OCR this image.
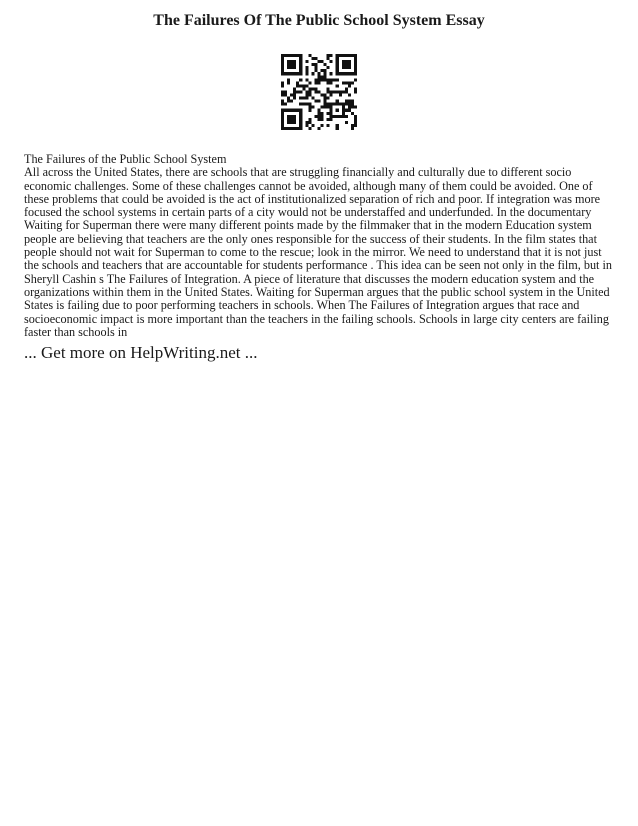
The Failures Of The Public School System Essay

The Failures of the Public School System

All across the United States, there are schools that are struggling financially and culturally due to different socio economic challenges. Some of these challenges cannot be avoided, although many of them could be avoided. One of these problems that could be avoided is the act of institutionalized separation of rich and poor. If integration was more focused the school systems in certain parts of a city would not be understaffed and underfunded. In the documentary Waiting for Superman there were many different points made by the filmmaker that in the modern Education system people are believing that teachers are the only ones responsible for the success of their students. In the film states that people should not wait for Superman to come to the rescue; look in the mirror. We need to understand that it is not just the schools and teachers that are accountable for students performance . This idea can be seen not only in the film, but in Sheryll Cashin s The Failures of Integration. A piece of literature that discusses the modern education system and the organizations within them in the United States. Waiting for Superman argues that the public school system in the United States is failing due to poor performing teachers in schools. When The Failures of Integration argues that race and socioeconomic impact is more important than the teachers in the failing schools. Schools in large city centers are failing faster than schools in

... Get more on HelpWriting.net ...
